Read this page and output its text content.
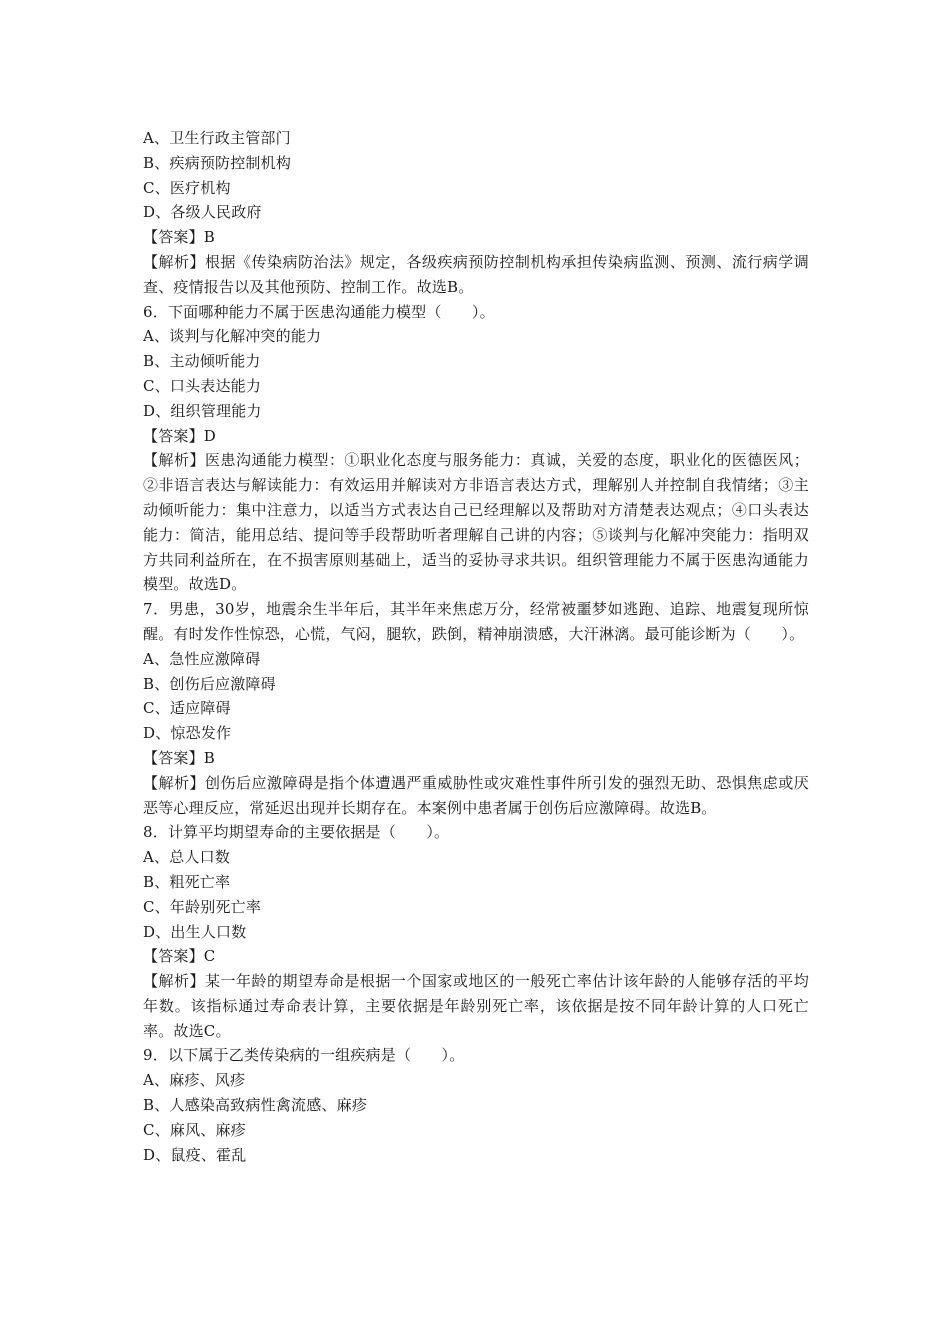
A、卫生行政主管部门
B、疾病预防控制机构
C、医疗机构
D、各级人民政府
【答案】B
【解析】根据《传染病防治法》规定，各级疾病预防控制机构承担传染病监测、预测、流行病学调查、疫情报告以及其他预防、控制工作。故选B。
6．下面哪种能力不属于医患沟通能力模型（　　）。
A、谈判与化解冲突的能力
B、主动倾听能力
C、口头表达能力
D、组织管理能力
【答案】D
【解析】医患沟通能力模型：①职业化态度与服务能力：真诚，关爱的态度，职业化的医德医风；②非语言表达与解读能力：有效运用并解读对方非语言表达方式，理解别人并控制自我情绪；③主动倾听能力：集中注意力，以适当方式表达自己已经理解以及帮助对方清楚表达观点；④口头表达能力：简洁，能用总结、提问等手段帮助听者理解自己讲的内容；⑤谈判与化解冲突能力：指明双方共同利益所在，在不损害原则基础上，适当的妥协寻求共识。组织管理能力不属于医患沟通能力模型。故选D。
7．男患，30岁，地震余生半年后，其半年来焦虑万分，经常被噩梦如逃跑、追踪、地震复现所惊醒。有时发作性惊恐，心慌，气闷，腿软，跌倒，精神崩溃感，大汗淋漓。最可能诊断为（　　）。
A、急性应激障碍
B、创伤后应激障碍
C、适应障碍
D、惊恐发作
【答案】B
【解析】创伤后应激障碍是指个体遭遇严重威胁性或灾难性事件所引发的强烈无助、恐惧焦虑或厌恶等心理反应，常延迟出现并长期存在。本案例中患者属于创伤后应激障碍。故选B。
8．计算平均期望寿命的主要依据是（　　）。
A、总人口数
B、粗死亡率
C、年龄别死亡率
D、出生人口数
【答案】C
【解析】某一年龄的期望寿命是根据一个国家或地区的一般死亡率估计该年龄的人能够存活的平均年数。该指标通过寿命表计算，主要依据是年龄别死亡率，该依据是按不同年龄计算的人口死亡率。故选C。
9．以下属于乙类传染病的一组疾病是（　　）。
A、麻疹、风疹
B、人感染高致病性禽流感、麻疹
C、麻风、麻疹
D、鼠疫、霍乱
